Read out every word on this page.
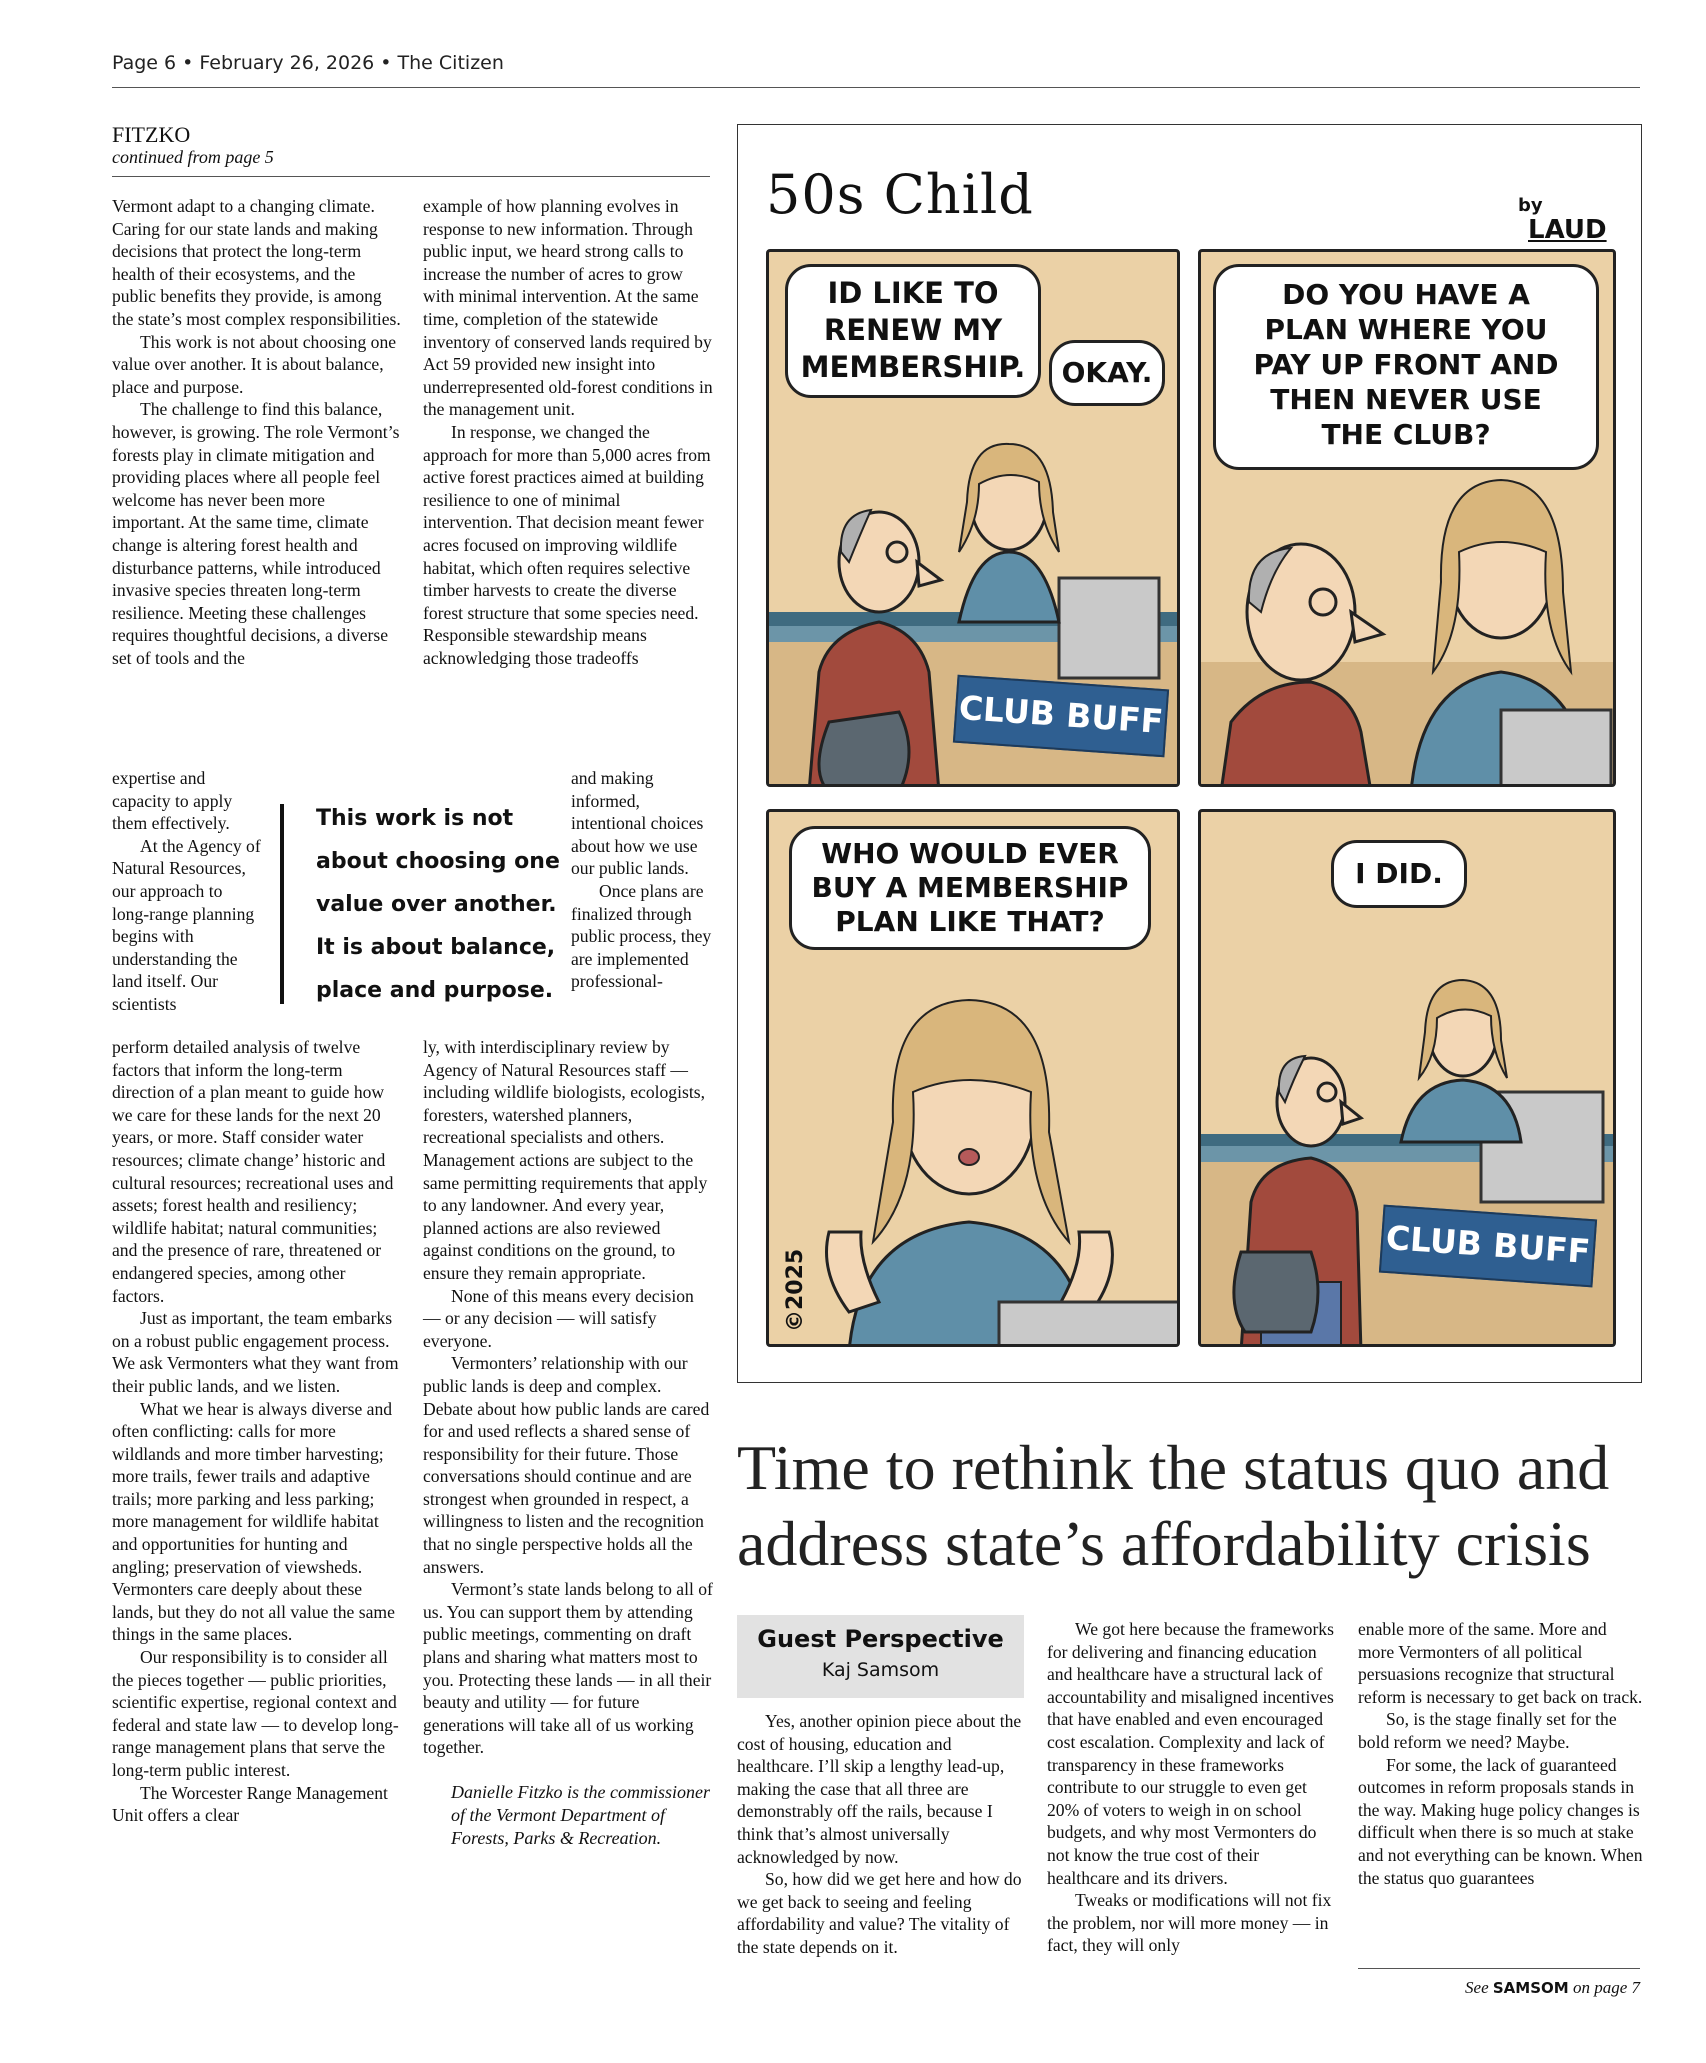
Page 6 • February 26, 2026 • The Citizen
FITZKO
continued from page 5

Vermont adapt to a changing climate. Caring for our state lands and making decisions that protect the long-term health of their ecosystems, and the public benefits they provide, is among the state’s most complex responsibilities.

This work is not about choosing one value over another. It is about balance, place and purpose.

The challenge to find this balance, however, is growing. The role Vermont’s forests play in climate mitigation and providing places where all people feel welcome has never been more important. At the same time, climate change is altering forest health and disturbance patterns, while introduced invasive species threaten long-term resilience. Meeting these challenges requires thoughtful decisions, a diverse set of tools and the

expertise and capacity to apply them effectively.

At the Agency of Natural Resources, our approach to long-range planning begins with understanding the land itself. Our scientists

perform detailed analysis of twelve factors that inform the long-term direction of a plan meant to guide how we care for these lands for the next 20 years, or more. Staff consider water resources; climate change’ historic and cultural resources; recreational uses and assets; forest health and resiliency; wildlife habitat; natural communities; and the presence of rare, threatened or endangered species, among other factors.

Just as important, the team embarks on a robust public engagement process. We ask Vermonters what they want from their public lands, and we listen.

What we hear is always diverse and often conflicting: calls for more wildlands and more timber harvesting; more trails, fewer trails and adaptive trails; more parking and less parking; more management for wildlife habitat and opportunities for hunting and angling; preservation of viewsheds. Vermonters care deeply about these lands, but they do not all value the same things in the same places.

Our responsibility is to consider all the pieces together — public priorities, scientific expertise, regional context and federal and state law — to develop long-range management plans that serve the long-term public interest.

The Worcester Range Management Unit offers a clear

example of how planning evolves in response to new information. Through public input, we heard strong calls to increase the number of acres to grow with minimal intervention. At the same time, completion of the statewide inventory of conserved lands required by Act 59 provided new insight into underrepresented old-forest conditions in the management unit.

In response, we changed the approach for more than 5,000 acres from active forest practices aimed at building resilience to one of minimal intervention. That decision meant fewer acres focused on improving wildlife habitat, which often requires selective timber harvests to create the diverse forest structure that some species need. Responsible stewardship means acknowledging those tradeoffs

and making informed, intentional choices about how we use our public lands.

Once plans are finalized through public process, they are implemented professional-

ly, with interdisciplinary review by Agency of Natural Resources staff — including wildlife biologists, ecologists, foresters, watershed planners, recreational specialists and others. Management actions are subject to the same permitting requirements that apply to any landowner. And every year, planned actions are also reviewed against conditions on the ground, to ensure they remain appropriate.

None of this means every decision — or any decision — will satisfy everyone.

Vermonters’ relationship with our public lands is deep and complex. Debate about how public lands are cared for and used reflects a shared sense of responsibility for their future. Those conversations should continue and are strongest when grounded in respect, a willingness to listen and the recognition that no single perspective holds all the answers.

Vermont’s state lands belong to all of us. You can support them by attending public meetings, commenting on draft plans and sharing what matters most to you. Protecting these lands — in all their beauty and utility — for future generations will take all of us working together.

Danielle Fitzko is the commissioner of the Vermont Department of Forests, Parks & Recreation.
This work is not
about choosing one
value over another.
It is about balance,
place and purpose.
50s Child	by
LAUD
ID LIKE TO
RENEW MY
MEMBERSHIP.	OKAY.
CLUB BUFF
DO YOU HAVE A
PLAN WHERE YOU
PAY UP FRONT AND
THEN NEVER USE
THE CLUB?
WHO WOULD EVER
BUY A MEMBERSHIP
PLAN LIKE THAT?
©2025
I DID.
CLUB BUFF
Time to rethink the status quo and
address state’s affordability crisis
Guest Perspective
Kaj Samsom

Yes, another opinion piece about the cost of housing, education and healthcare. I’ll skip a lengthy lead-up, making the case that all three are demonstrably off the rails, because I think that’s almost universally acknowledged by now.

So, how did we get here and how do we get back to seeing and feeling affordability and value? The vitality of the state depends on it.

We got here because the frameworks for delivering and financing education and healthcare have a structural lack of accountability and misaligned incentives that have enabled and even encouraged cost escalation. Complexity and lack of transparency in these frameworks contribute to our struggle to even get 20% of voters to weigh in on school budgets, and why most Vermonters do not know the true cost of their healthcare and its drivers.

Tweaks or modifications will not fix the problem, nor will more money — in fact, they will only

enable more of the same. More and more Vermonters of all political persuasions recognize that structural reform is necessary to get back on track.

So, is the stage finally set for the bold reform we need? Maybe.

For some, the lack of guaranteed outcomes in reform proposals stands in the way. Making huge policy changes is difficult when there is so much at stake and not everything can be known. When the status quo guarantees

See SAMSOM on page 7
